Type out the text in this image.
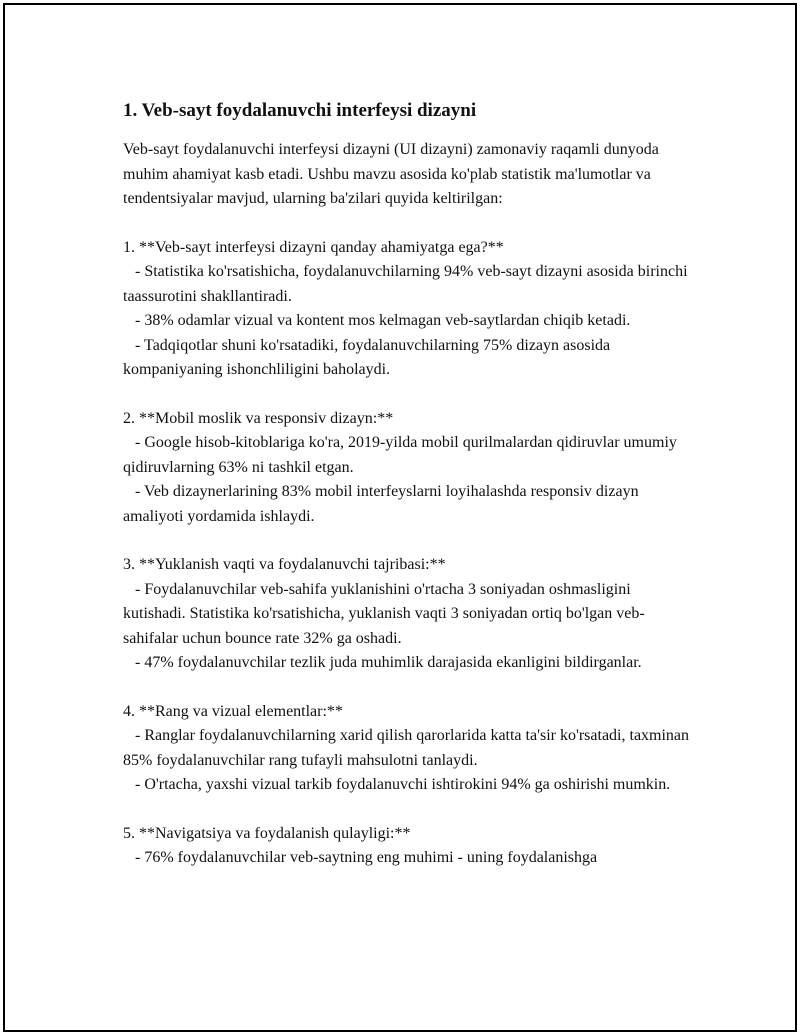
1. Veb-sayt foydalanuvchi interfeysi dizayni

Veb-sayt foydalanuvchi interfeysi dizayni (UI dizayni) zamonaviy raqamli dunyoda muhim ahamiyat kasb etadi. Ushbu mavzu asosida ko'plab statistik ma'lumotlar va tendentsiyalar mavjud, ularning ba'zilari quyida keltirilgan:

1. **Veb-sayt interfeysi dizayni qanday ahamiyatga ega?**
- Statistika ko'rsatishicha, foydalanuvchilarning 94% veb-sayt dizayni asosida birinchi taassurotini shakllantiradi.
- 38% odamlar vizual va kontent mos kelmagan veb-saytlardan chiqib ketadi.
- Tadqiqotlar shuni ko'rsatadiki, foydalanuvchilarning 75% dizayn asosida kompaniyaning ishonchliligini baholaydi.
2. **Mobil moslik va responsiv dizayn:**
- Google hisob-kitoblariga ko'ra, 2019-yilda mobil qurilmalardan qidiruvlar umumiy qidiruvlarning 63% ni tashkil etgan.
- Veb dizaynerlarining 83% mobil interfeyslarni loyihalashda responsiv dizayn amaliyoti yordamida ishlaydi.
3. **Yuklanish vaqti va foydalanuvchi tajribasi:**
- Foydalanuvchilar veb-sahifa yuklanishini o'rtacha 3 soniyadan oshmasligini kutishadi. Statistika ko'rsatishicha, yuklanish vaqti 3 soniyadan ortiq bo'lgan veb-sahifalar uchun bounce rate 32% ga oshadi.
- 47% foydalanuvchilar tezlik juda muhimlik darajasida ekanligini bildirganlar.
4. **Rang va vizual elementlar:**
- Ranglar foydalanuvchilarning xarid qilish qarorlarida katta ta'sir ko'rsatadi, taxminan 85% foydalanuvchilar rang tufayli mahsulotni tanlaydi.
- O'rtacha, yaxshi vizual tarkib foydalanuvchi ishtirokini 94% ga oshirishi mumkin.
5. **Navigatsiya va foydalanish qulayligi:**
- 76% foydalanuvchilar veb-saytning eng muhimi - uning foydalanishga
